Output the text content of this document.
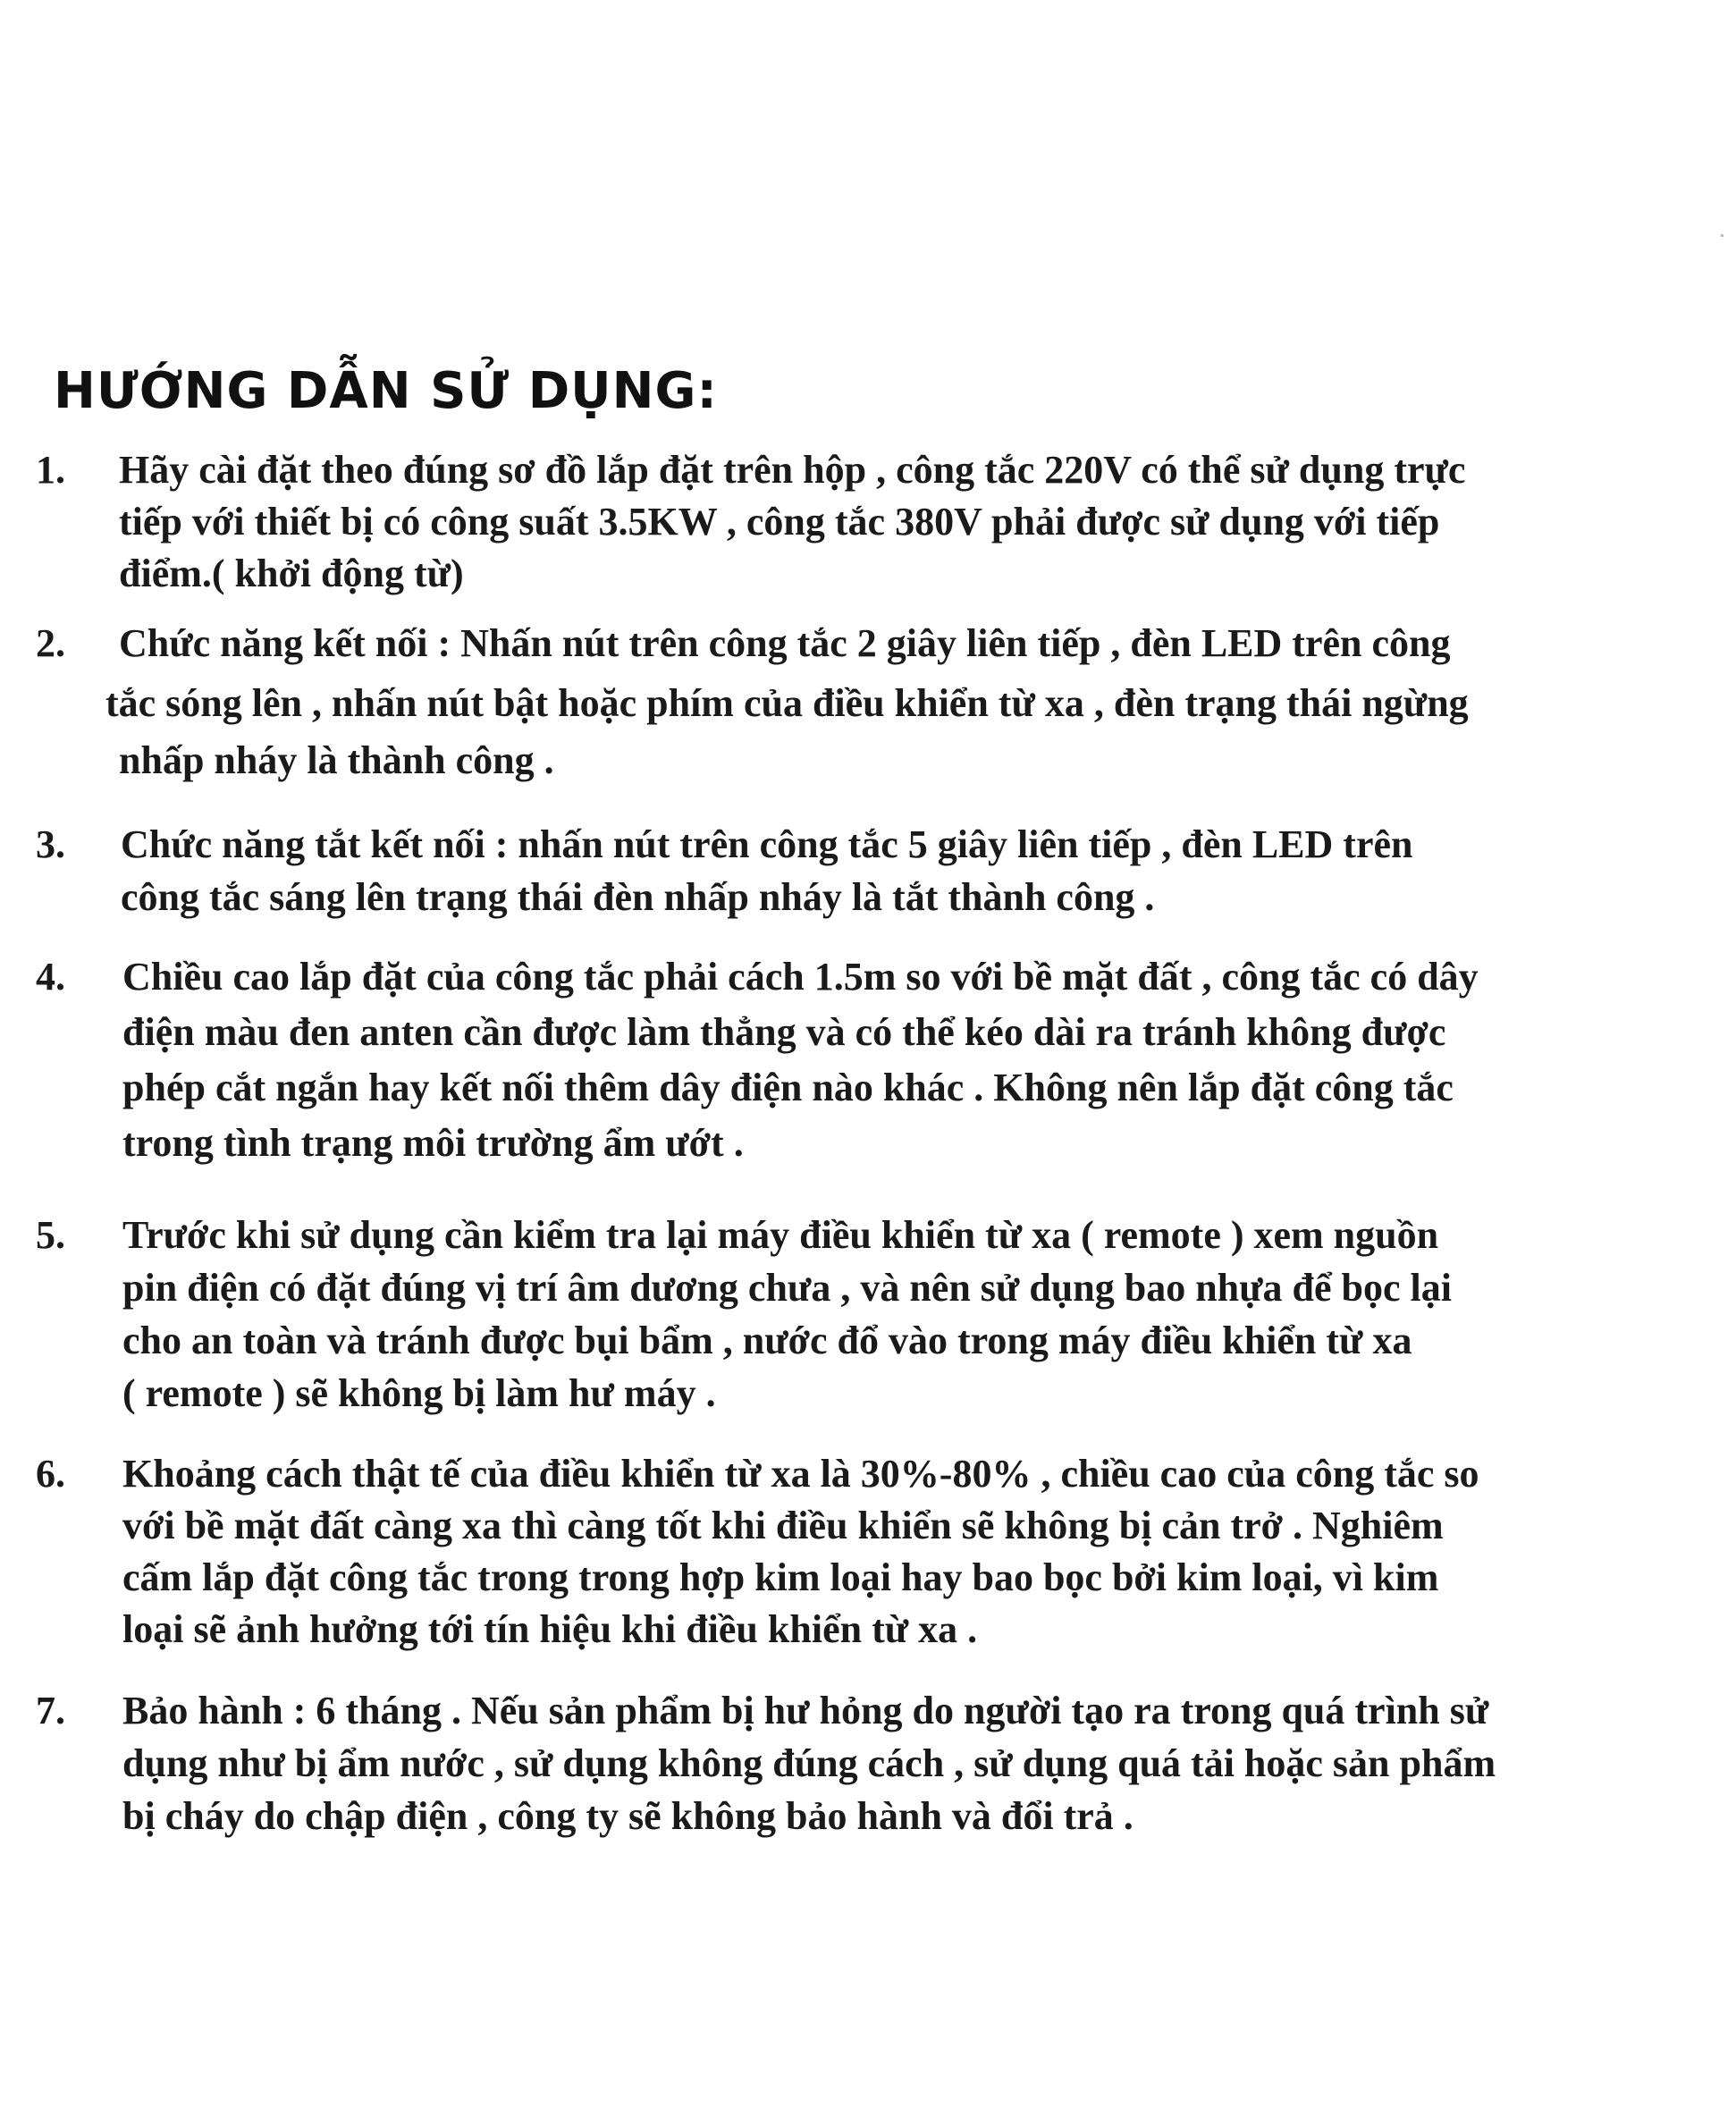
HƯỚNG DẪN SỬ DỤNG:
1. Hãy cài đặt theo đúng sơ đồ lắp đặt trên hộp , công tắc 220V có thể sử dụng trực
tiếp với thiết bị có công suất 3.5KW , công tắc 380V phải được sử dụng với tiếp
điểm.( khởi động từ)
2. Chức năng kết nối : Nhấn nút trên công tắc 2 giây liên tiếp , đèn LED trên công
tắc sóng lên , nhấn nút bật hoặc phím của điều khiển từ xa , đèn trạng thái ngừng
nhấp nháy là thành công .
3. Chức năng tắt kết nối : nhấn nút trên công tắc 5 giây liên tiếp , đèn LED trên
công tắc sáng lên trạng thái đèn nhấp nháy là tắt thành công .
4. Chiều cao lắp đặt của công tắc phải cách 1.5m so với bề mặt đất , công tắc có dây
điện màu đen anten cần được làm thẳng và có thể kéo dài ra tránh không được
phép cắt ngắn hay kết nối thêm dây điện nào khác . Không nên lắp đặt công tắc
trong tình trạng môi trường ẩm ướt .
5. Trước khi sử dụng cần kiểm tra lại máy điều khiển từ xa ( remote ) xem nguồn
pin điện có đặt đúng vị trí âm dương chưa , và nên sử dụng bao nhựa để bọc lại
cho an toàn và tránh được bụi bẩm , nước đổ vào trong máy điều khiển từ xa
( remote ) sẽ không bị làm hư máy .
6. Khoảng cách thật tế của điều khiển từ xa là 30%-80% , chiều cao của công tắc so
với bề mặt đất càng xa thì càng tốt khi điều khiển sẽ không bị cản trở . Nghiêm
cấm lắp đặt công tắc trong trong hợp kim loại hay bao bọc bởi kim loại, vì kim
loại sẽ ảnh hưởng tới tín hiệu khi điều khiển từ xa .
7. Bảo hành : 6 tháng . Nếu sản phẩm bị hư hỏng do người tạo ra trong quá trình sử
dụng như bị ẩm nước , sử dụng không đúng cách , sử dụng quá tải hoặc sản phẩm
bị cháy do chập điện , công ty sẽ không bảo hành và đổi trả .
